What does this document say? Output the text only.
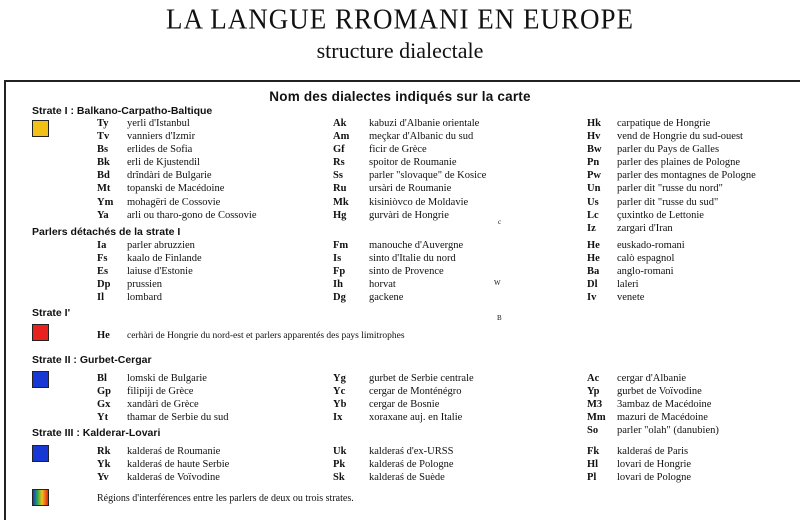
LA LANGUE RROMANI EN EUROPE
structure dialectale
Nom des dialectes indiqués sur la carte
Strate I : Balkano-Carpatho-Baltique
Ty yerli d'Istanbul
Tv vanniers d'Izmir
Bs erlides de Sofia
Bk erli de Kjustendil
Bd drîndàri de Bulgarie
Mt topanski de Macédoine
Ym mohagëri de Cossovie
Ya arli ou tharo-gono de Cossovie
Ak kabuzi d'Albanie orientale
Am meçkar d'Albanic du sud
Gf ficir de Grèce
Rs spoitor de Roumanie
Ss parler "slovaque" de Kosice
Ru ursàri de Roumanie
Mk kisiniòvco de Moldavie
Hg gurvàri de Hongrie
Hk carpatique de Hongrie
Hv vend de Hongrie du sud-ouest
Bw parler du Pays de Galles
Pn parler des plaines de Pologne
Pw parler des montagnes de Pologne
Un parler dit "russe du nord"
Us parler dit "russe du sud"
Lc çuxintko de Lettonie
Iz zargari d'Iran
Parlers détachés de la strate I
Ia parler abruzzien
Fs kaalo de Finlande
Es laiuse d'Estonie
Dp prussien
Il lombard
Fm manouche d'Auvergne
Is	sinto d'Italie du nord
Fp sinto de Provence
Ih horvat
Dg gackene
He euskado-romani
He calò espagnol
Ba anglo-romani
Dl laleri
Iv venete
Strate I'
He cerhàri de Hongrie du nord-est et parlers apparentés des pays limitrophes
Strate II : Gurbet-Cergar
Bl lomski de Bulgarie
Gp filipiji de Grèce
Gx xandàri de Grèce
Yt thamar de Serbie du sud
Yg gurbet de Serbie centrale
Yc cergar de Monténégro
Yb cergar de Bosnie
Ix	xoraxane auj. en Italie
Ac cergar d'Albanie
Yp gurbet de Voïvodine
M3 3ambaz de Macédoine
Mm mazuri de Macédoine
So parler "olah" (danubien)
Strate III : Kalderar-Lovari
Rk kalderaś de Roumanie
Yk kalderaś de haute Serbie
Yv kalderaś de Voïvodine
Uk kalderaś d'ex-URSS
Pk kalderaś de Pologne
Sk kalderaś de Suède
Fk kalderaś de Paris
Hl lovari de Hongrie
Pl lovari de Pologne
Régions d'interférences entre les parlers de deux ou trois strates.
c
W
B
